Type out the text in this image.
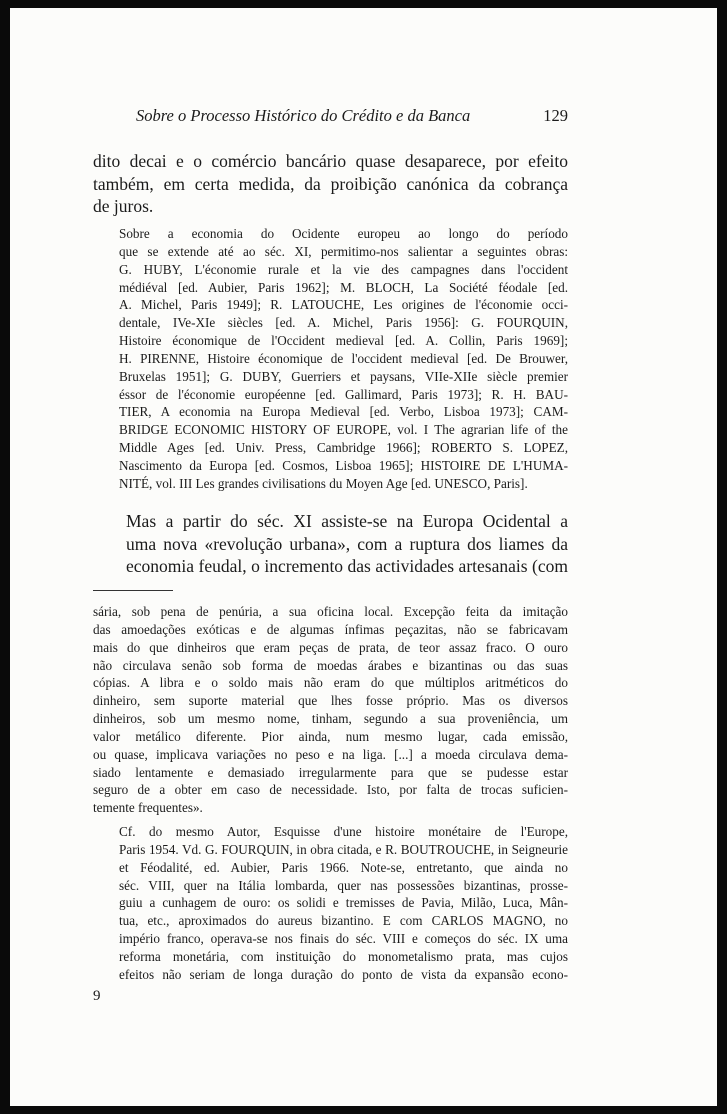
Sobre o Processo Histórico do Crédito e da Banca	129
dito decai e o comércio bancário quase desaparece, por efeito
também, em certa medida, da proibição canónica da cobrança
de juros.
Sobre a economia do Ocidente europeu ao longo do período
que se extende até ao séc. XI, permitimo-nos salientar a seguintes obras:
G. HUBY, L'économie rurale et la vie des campagnes dans l'occident
médiéval [ed. Aubier, Paris 1962]; M. BLOCH, La Société féodale [ed.
A. Michel, Paris 1949]; R. LATOUCHE, Les origines de l'économie occi-
dentale, IVe-XIe siècles [ed. A. Michel, Paris 1956]: G. FOURQUIN,
Histoire économique de l'Occident medieval [ed. A. Collin, Paris 1969];
H. PIRENNE, Histoire économique de l'occident medieval [ed. De Brouwer,
Bruxelas 1951]; G. DUBY, Guerriers et paysans, VIIe-XIIe siècle premier
éssor de l'économie européenne [ed. Gallimard, Paris 1973]; R. H. BAU-
TIER, A economia na Europa Medieval [ed. Verbo, Lisboa 1973]; CAM-
BRIDGE ECONOMIC HISTORY OF EUROPE, vol. I The agrarian life of the
Middle Ages [ed. Univ. Press, Cambridge 1966]; ROBERTO S. LOPEZ,
Nascimento da Europa [ed. Cosmos, Lisboa 1965]; HISTOIRE DE L'HUMA-
NITÉ, vol. III Les grandes civilisations du Moyen Age [ed. UNESCO, Paris].
Mas a partir do séc. XI assiste-se na Europa Ocidental a
uma nova «revolução urbana», com a ruptura dos liames da
economia feudal, o incremento das actividades artesanais (com
sária, sob pena de penúria, a sua oficina local. Excepção feita da imitação
das amoedações exóticas e de algumas ínfimas peçazitas, não se fabricavam
mais do que dinheiros que eram peças de prata, de teor assaz fraco. O ouro
não circulava senão sob forma de moedas árabes e bizantinas ou das suas
cópias. A libra e o soldo mais não eram do que múltiplos aritméticos do
dinheiro, sem suporte material que lhes fosse próprio. Mas os diversos
dinheiros, sob um mesmo nome, tinham, segundo a sua proveniência, um
valor metálico diferente. Pior ainda, num mesmo lugar, cada emissão,
ou quase, implicava variações no peso e na liga. [...] a moeda circulava dema-
siado lentamente e demasiado irregularmente para que se pudesse estar
seguro de a obter em caso de necessidade. Isto, por falta de trocas suficien-
temente frequentes».
Cf. do mesmo Autor, Esquisse d'une histoire monétaire de l'Europe,
Paris 1954. Vd. G. FOURQUIN, in obra citada, e R. BOUTROUCHE, in Seigneurie
et Féodalité, ed. Aubier, Paris 1966. Note-se, entretanto, que ainda no
séc. VIII, quer na Itália lombarda, quer nas possessões bizantinas, prosse-
guiu a cunhagem de ouro: os solidi e tremisses de Pavia, Milão, Luca, Mân-
tua, etc., aproximados do aureus bizantino. E com CARLOS MAGNO, no
império franco, operava-se nos finais do séc. VIII e começos do séc. IX uma
reforma monetária, com instituição do monometalismo prata, mas cujos
efeitos não seriam de longa duração do ponto de vista da expansão econo-
9
